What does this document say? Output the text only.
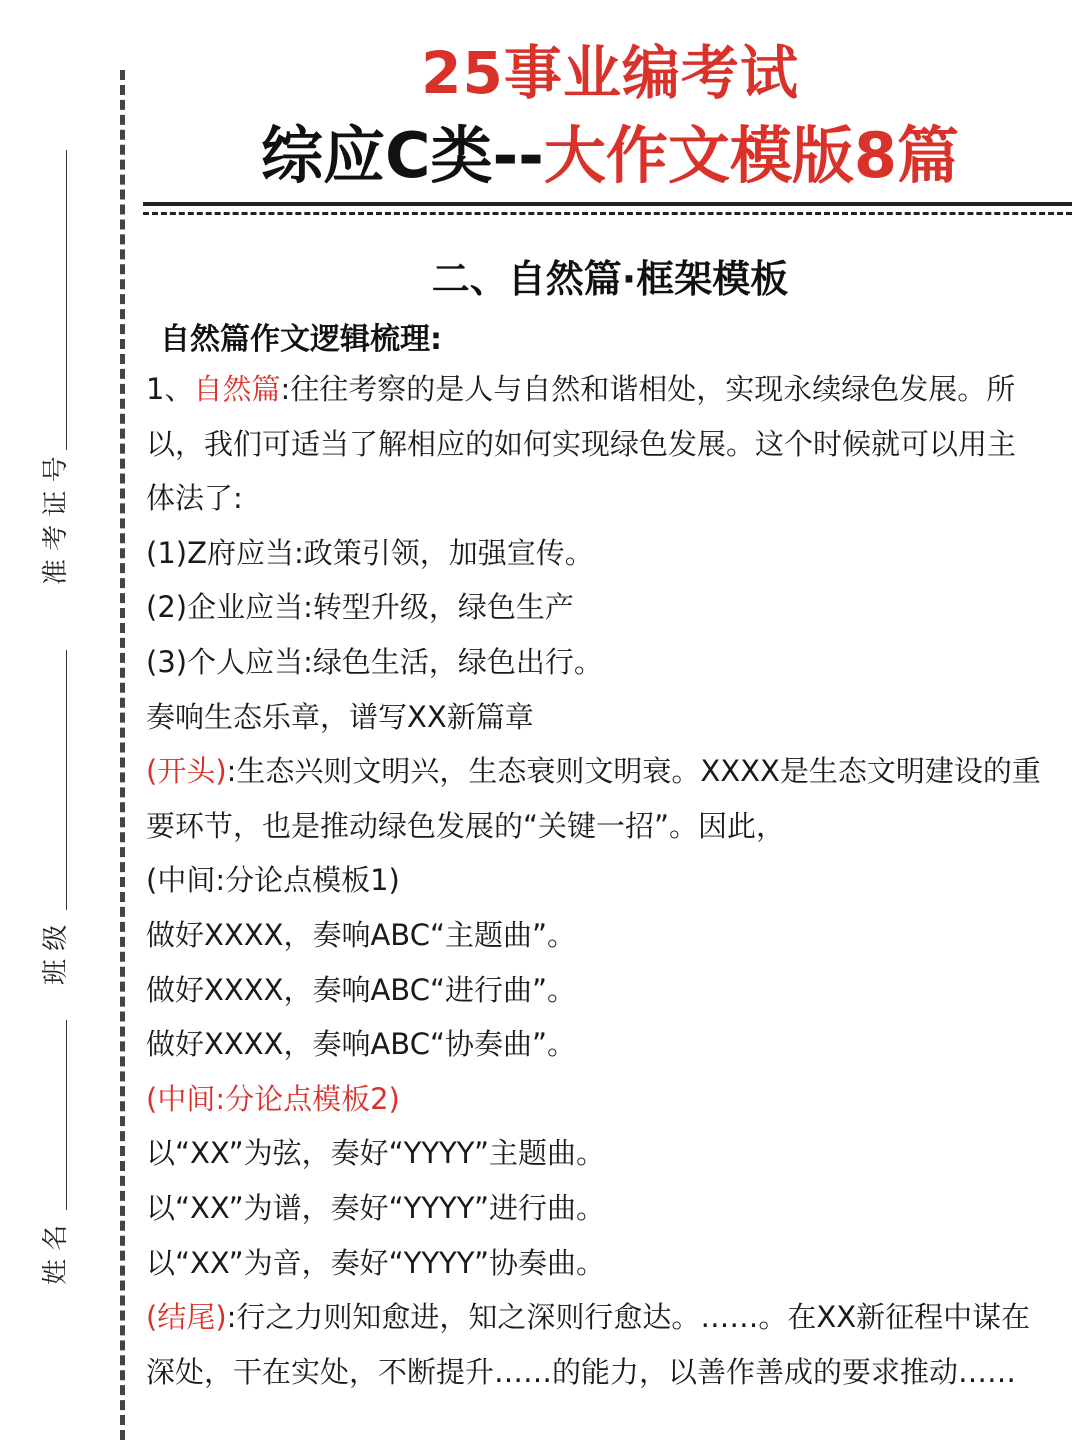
准 考 证 号
班 级
姓 名
25事业编考试
综应C类--大作文模版8篇
二、自然篇·框架模板
自然篇作文逻辑梳理:
1、自然篇:往往考察的是人与自然和谐相处，实现永续绿色发展。所
以，我们可适当了解相应的如何实现绿色发展。这个时候就可以用主
体法了:
(1)Z府应当:政策引领，加强宣传。
(2)企业应当:转型升级，绿色生产
(3)个人应当:绿色生活，绿色出行。
奏响生态乐章，谱写XX新篇章
(开头):生态兴则文明兴，生态衰则文明衰。XXXX是生态文明建设的重
要环节，也是推动绿色发展的“关键一招”。因此，
(中间:分论点模板1)
做好XXXX，奏响ABC“主题曲”。
做好XXXX，奏响ABC“进行曲”。
做好XXXX，奏响ABC“协奏曲”。
(中间:分论点模板2)
以“XX”为弦，奏好“YYYY”主题曲。
以“XX”为谱，奏好“YYYY”进行曲。
以“XX”为音，奏好“YYYY”协奏曲。
(结尾):行之力则知愈进，知之深则行愈达。……。在XX新征程中谋在
深处，干在实处，不断提升……的能力，以善作善成的要求推动……
